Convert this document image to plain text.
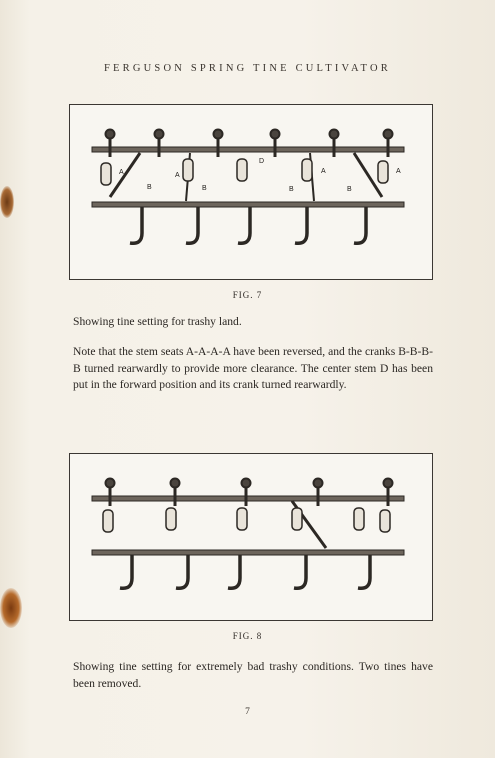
FERGUSON SPRING TINE CULTIVATOR
A
B
A
B
D
A
B	B
A
FIG. 7

Showing tine setting for trashy land.

Note that the stem seats A-A-A-A have been reversed, and the cranks B-B-B-B turned rearwardly to provide more clearance. The center stem D has been put in the forward position and its crank turned rearwardly.

FIG. 8

Showing tine setting for extremely bad trashy conditions. Two tines have been removed.

7
